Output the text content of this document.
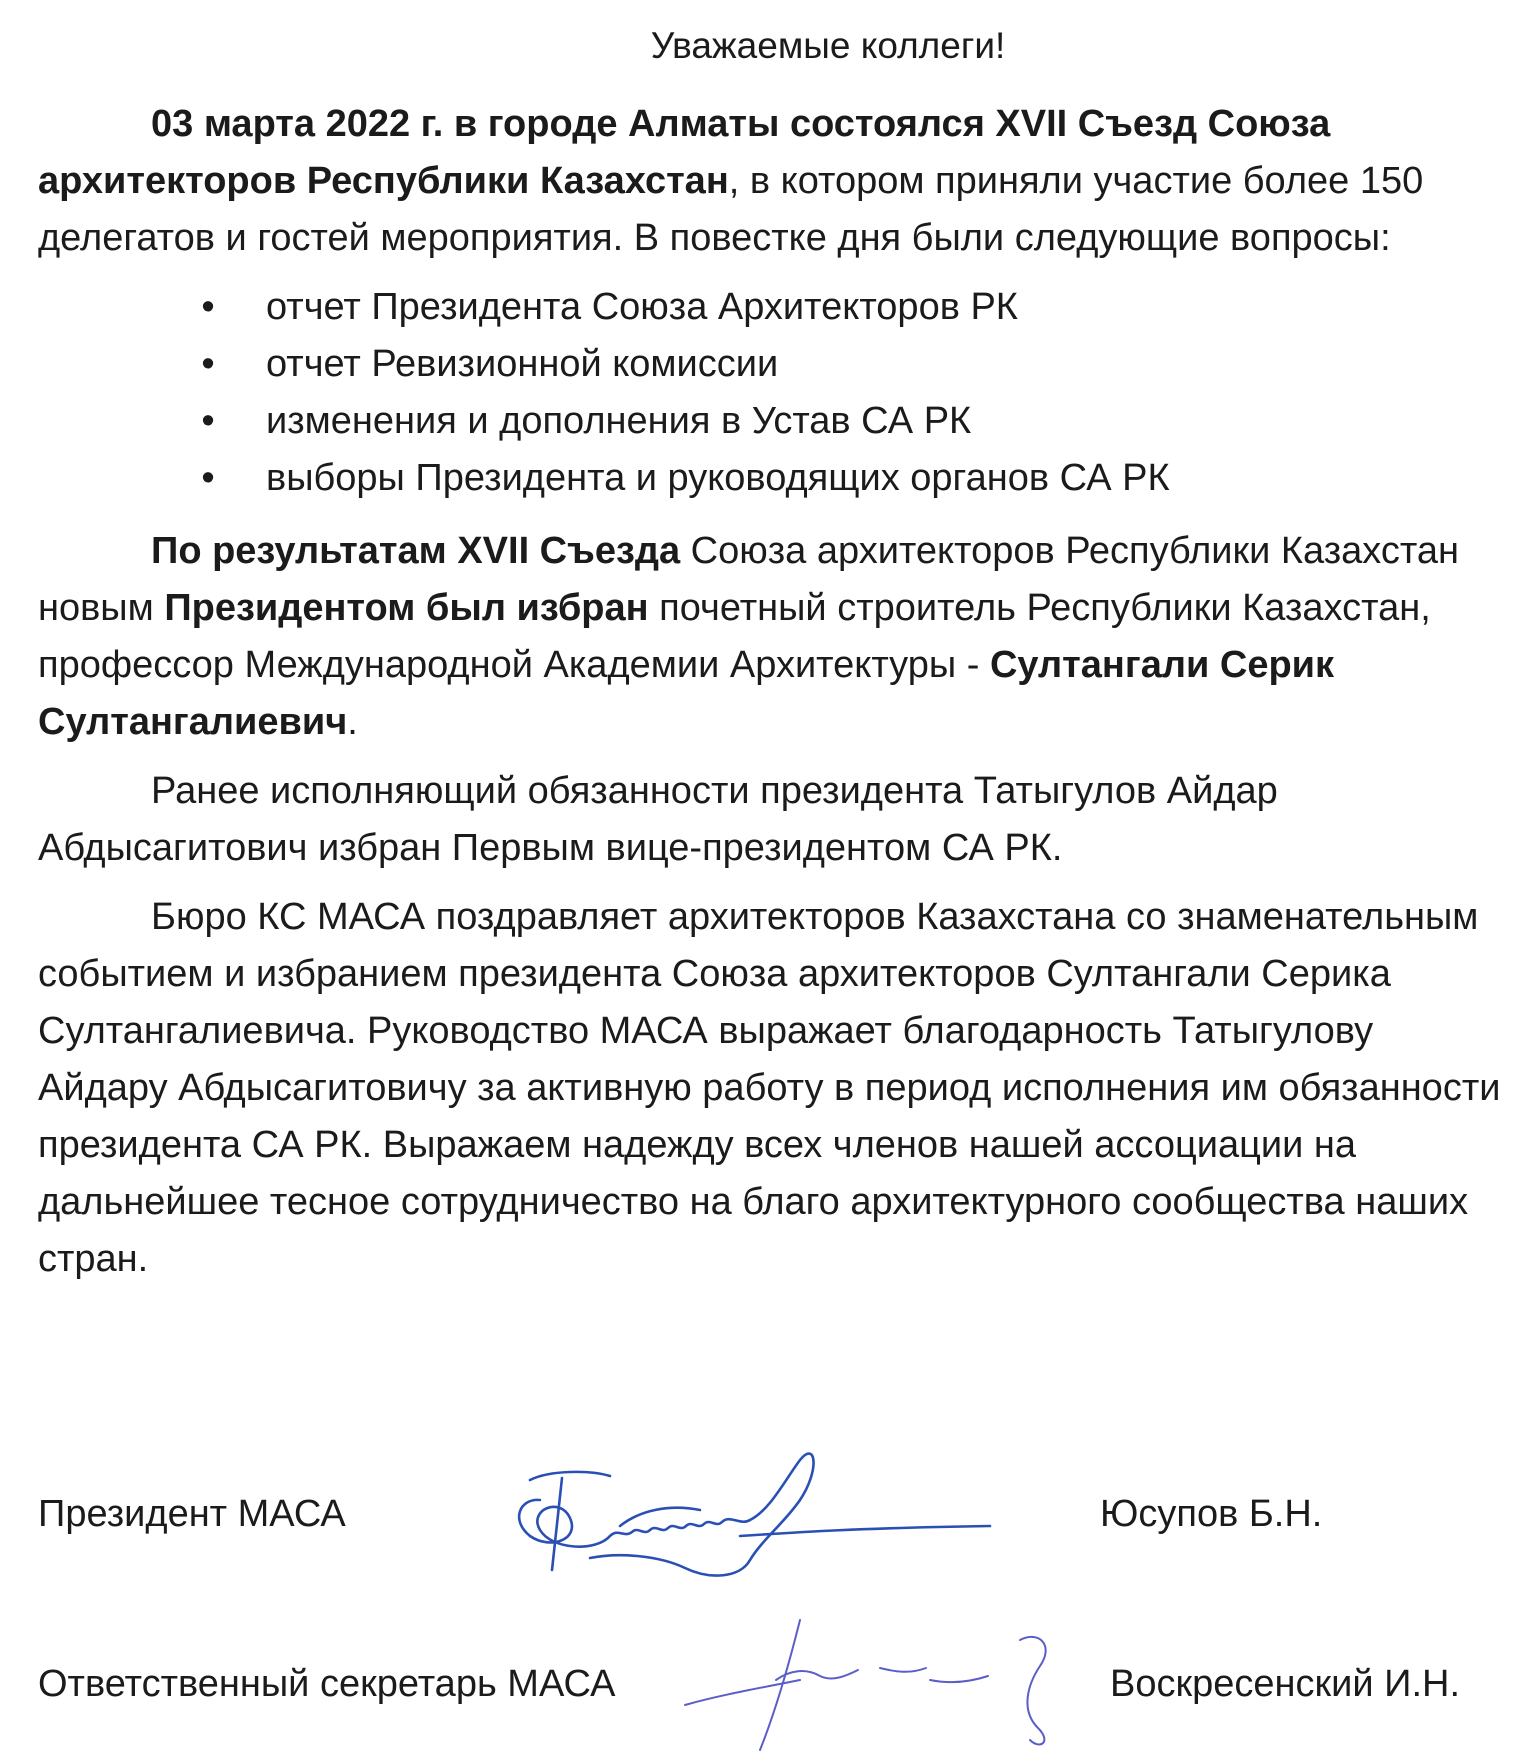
Уважаемые коллеги!

03 марта 2022 г. в городе Алматы состоялся XVII Съезд Союза архитекторов Республики Казахстан, в котором приняли участие более 150 делегатов и гостей мероприятия. В повестке дня были следующие вопросы:

• отчет Президента Союза Архитекторов РК
• отчет Ревизионной комиссии
• изменения и дополнения в Устав СА РК
• выборы Президента и руководящих органов СА РК

По результатам XVII Съезда Союза архитекторов Республики Казахстан новым Президентом был избран почетный строитель Республики Казахстан, профессор Международной Академии Архитектуры - Султангали Серик Султангалиевич.

Ранее исполняющий обязанности президента Татыгулов Айдар Абдысагитович избран Первым вице-президентом СА РК.

Бюро КС МАСА поздравляет архитекторов Казахстана со знаменательным событием и избранием президента Союза архитекторов Султангали Серика Султангалиевича. Руководство МАСА выражает благодарность Татыгулову Айдару Абдысагитовичу за активную работу в период исполнения им обязанности президента СА РК. Выражаем надежду всех членов нашей ассоциации на дальнейшее тесное сотрудничество на благо архитектурного сообщества наших стран.

Президент МАСА	Юсупов Б.Н.
Ответственный секретарь МАСА	Воскресенский И.Н.
